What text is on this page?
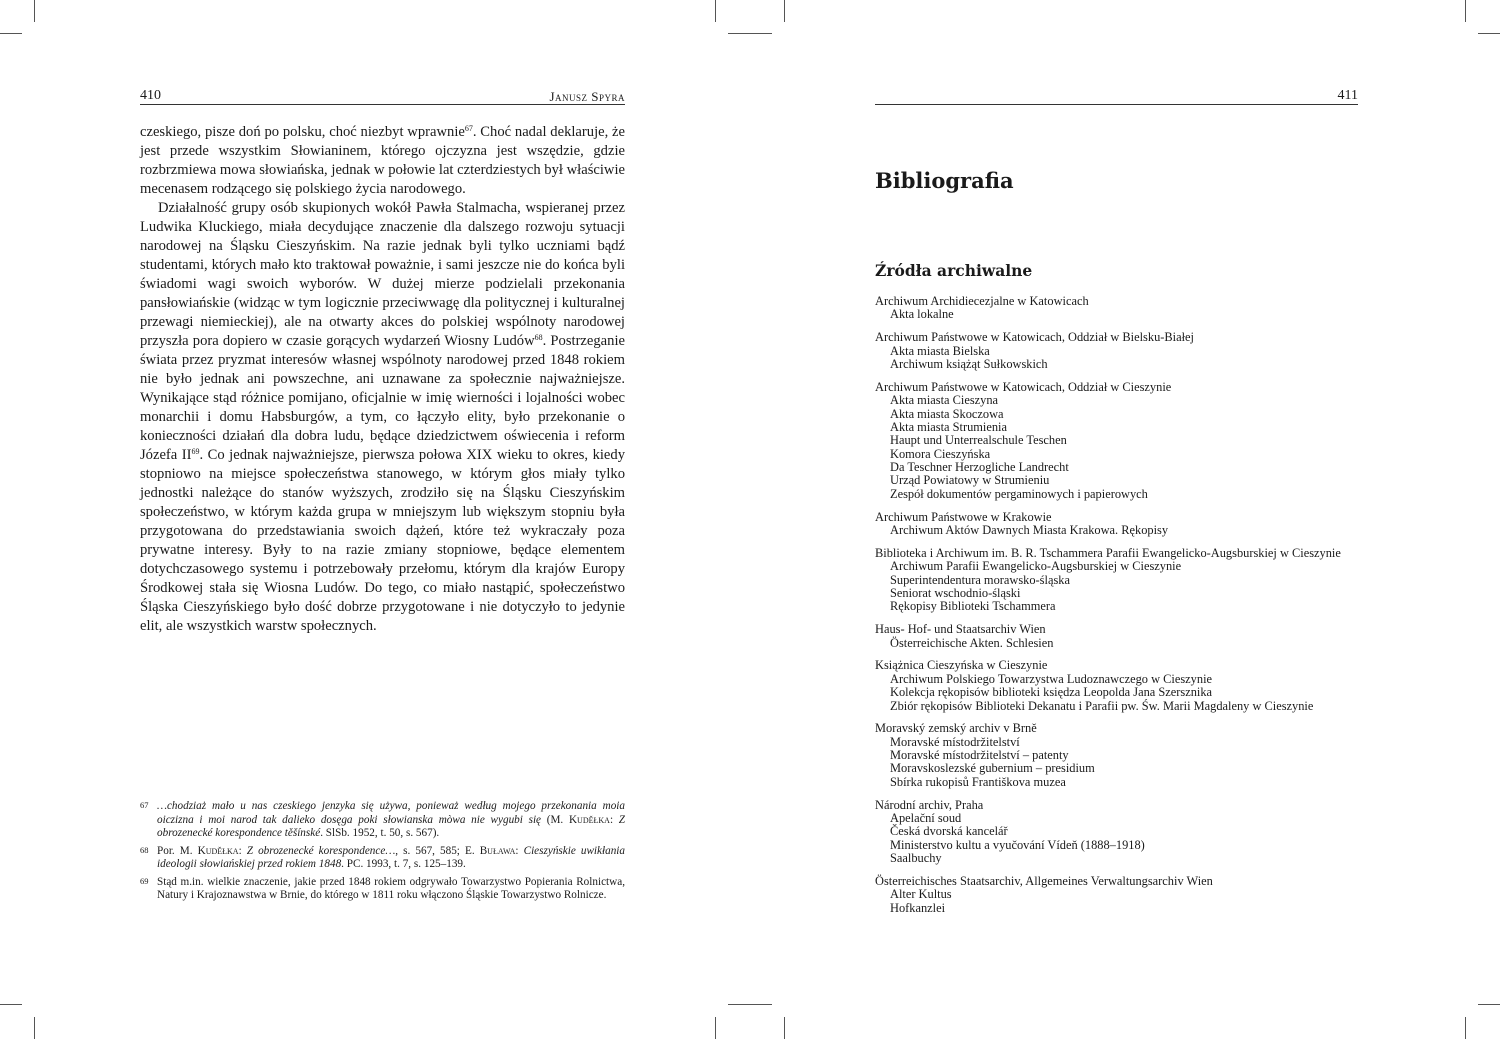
410	Janusz Spyra

czeskiego, pisze doń po polsku, choć niezbyt wprawnie$^{67}$. Choć nadal deklaruje, że jest przede wszystkim Słowianinem, którego ojczyzna jest wszędzie, gdzie rozbrzmiewa mowa słowiańska, jednak w połowie lat czterdziestych był właściwie mecenasem rodzącego się polskiego życia narodowego.

Działalność grupy osób skupionych wokół Pawła Stalmacha, wspieranej przez Ludwika Kluckiego, miała decydujące znaczenie dla dalszego rozwoju sytuacji narodowej na Śląsku Cieszyńskim. Na razie jednak byli tylko uczniami bądź studentami, których mało kto traktował poważnie, i sami jeszcze nie do końca byli świadomi wagi swoich wyborów. W dużej mierze podzielali przekonania pansłowiańskie (widząc w tym logicznie przeciwwagę dla politycznej i kulturalnej przewagi niemieckiej), ale na otwarty akces do polskiej wspólnoty narodowej przyszła pora dopiero w czasie gorących wydarzeń Wiosny Ludów$^{68}$. Postrzeganie świata przez pryzmat interesów własnej wspólnoty narodowej przed 1848 rokiem nie było jednak ani powszechne, ani uznawane za społecznie najważniejsze. Wynikające stąd różnice pomijano, oficjalnie w imię wierności i lojalności wobec monarchii i domu Habsburgów, a tym, co łączyło elity, było przekonanie o konieczności działań dla dobra ludu, będące dziedzictwem oświecenia i reform Józefa II$^{69}$. Co jednak najważniejsze, pierwsza połowa XIX wieku to okres, kiedy stopniowo na miejsce społeczeństwa stanowego, w którym głos miały tylko jednostki należące do stanów wyższych, zrodziło się na Śląsku Cieszyńskim społeczeństwo, w którym każda grupa w mniejszym lub większym stopniu była przygotowana do przedstawiania swoich dążeń, które też wykraczały poza prywatne interesy. Były to na razie zmiany stopniowe, będące elementem dotychczasowego systemu i potrzebowały przełomu, którym dla krajów Europy Środkowej stała się Wiosna Ludów. Do tego, co miało nastąpić, społeczeństwo Śląska Cieszyńskiego było dość dobrze przygotowane i nie dotyczyło to jedynie elit, ale wszystkich warstw społecznych.

67 …chodziaż mało u nas czeskiego jenzyka się używa, ponieważ według mojego przekonania moia oiczizna i moi narod tak dalieko dosęga poki słowianska mòwa nie wygubi się (M. Kuděłka: Z obrozenecké korespondence těšínské. SlSb. 1952, t. 50, s. 567).
68 Por. M. Kuděłka: Z obrozenecké korespondence…, s. 567, 585; E. Buława: Cieszyńskie uwikłania ideologii słowiańskiej przed rokiem 1848. PC. 1993, t. 7, s. 125–139.
69 Stąd m.in. wielkie znaczenie, jakie przed 1848 rokiem odgrywało Towarzystwo Popierania Rolnictwa, Natury i Krajoznawstwa w Brnie, do którego w 1811 roku włączono Śląskie Towarzystwo Rolnicze.
411
Bibliografia
Źródła archiwalne
Archiwum Archidiecezjalne w Katowicach
Akta lokalne
Archiwum Państwowe w Katowicach, Oddział w Bielsku-Białej
Akta miasta Bielska
Archiwum książąt Sułkowskich
Archiwum Państwowe w Katowicach, Oddział w Cieszynie
Akta miasta Cieszyna
Akta miasta Skoczowa
Akta miasta Strumienia
Haupt und Unterrealschule Teschen
Komora Cieszyńska
Da Teschner Herzogliche Landrecht
Urząd Powiatowy w Strumieniu
Zespół dokumentów pergaminowych i papierowych
Archiwum Państwowe w Krakowie
Archiwum Aktów Dawnych Miasta Krakowa. Rękopisy
Biblioteka i Archiwum im. B. R. Tschammera Parafii Ewangelicko-Augsburskiej w Cieszynie
Archiwum Parafii Ewangelicko-Augsburskiej w Cieszynie
Superintendentura morawsko-śląska
Seniorat wschodnio-śląski
Rękopisy Biblioteki Tschammera
Haus- Hof- und Staatsarchiv Wien
Österreichische Akten. Schlesien
Książnica Cieszyńska w Cieszynie
Archiwum Polskiego Towarzystwa Ludoznawczego w Cieszynie
Kolekcja rękopisów biblioteki księdza Leopolda Jana Szersznika
Zbiór rękopisów Biblioteki Dekanatu i Parafii pw. Św. Marii Magdaleny w Cieszynie
Moravský zemský archiv v Brně
Moravské místodržitelství
Moravské místodržitelství – patenty
Moravskoslezské gubernium – presidium
Sbírka rukopisů Františkova muzea
Národní archiv, Praha
Apelační soud
Česká dvorská kancelář
Ministerstvo kultu a vyučování Vídeň (1888–1918)
Saalbuchy
Österreichisches Staatsarchiv, Allgemeines Verwaltungsarchiv Wien
Alter Kultus
Hofkanzlei
